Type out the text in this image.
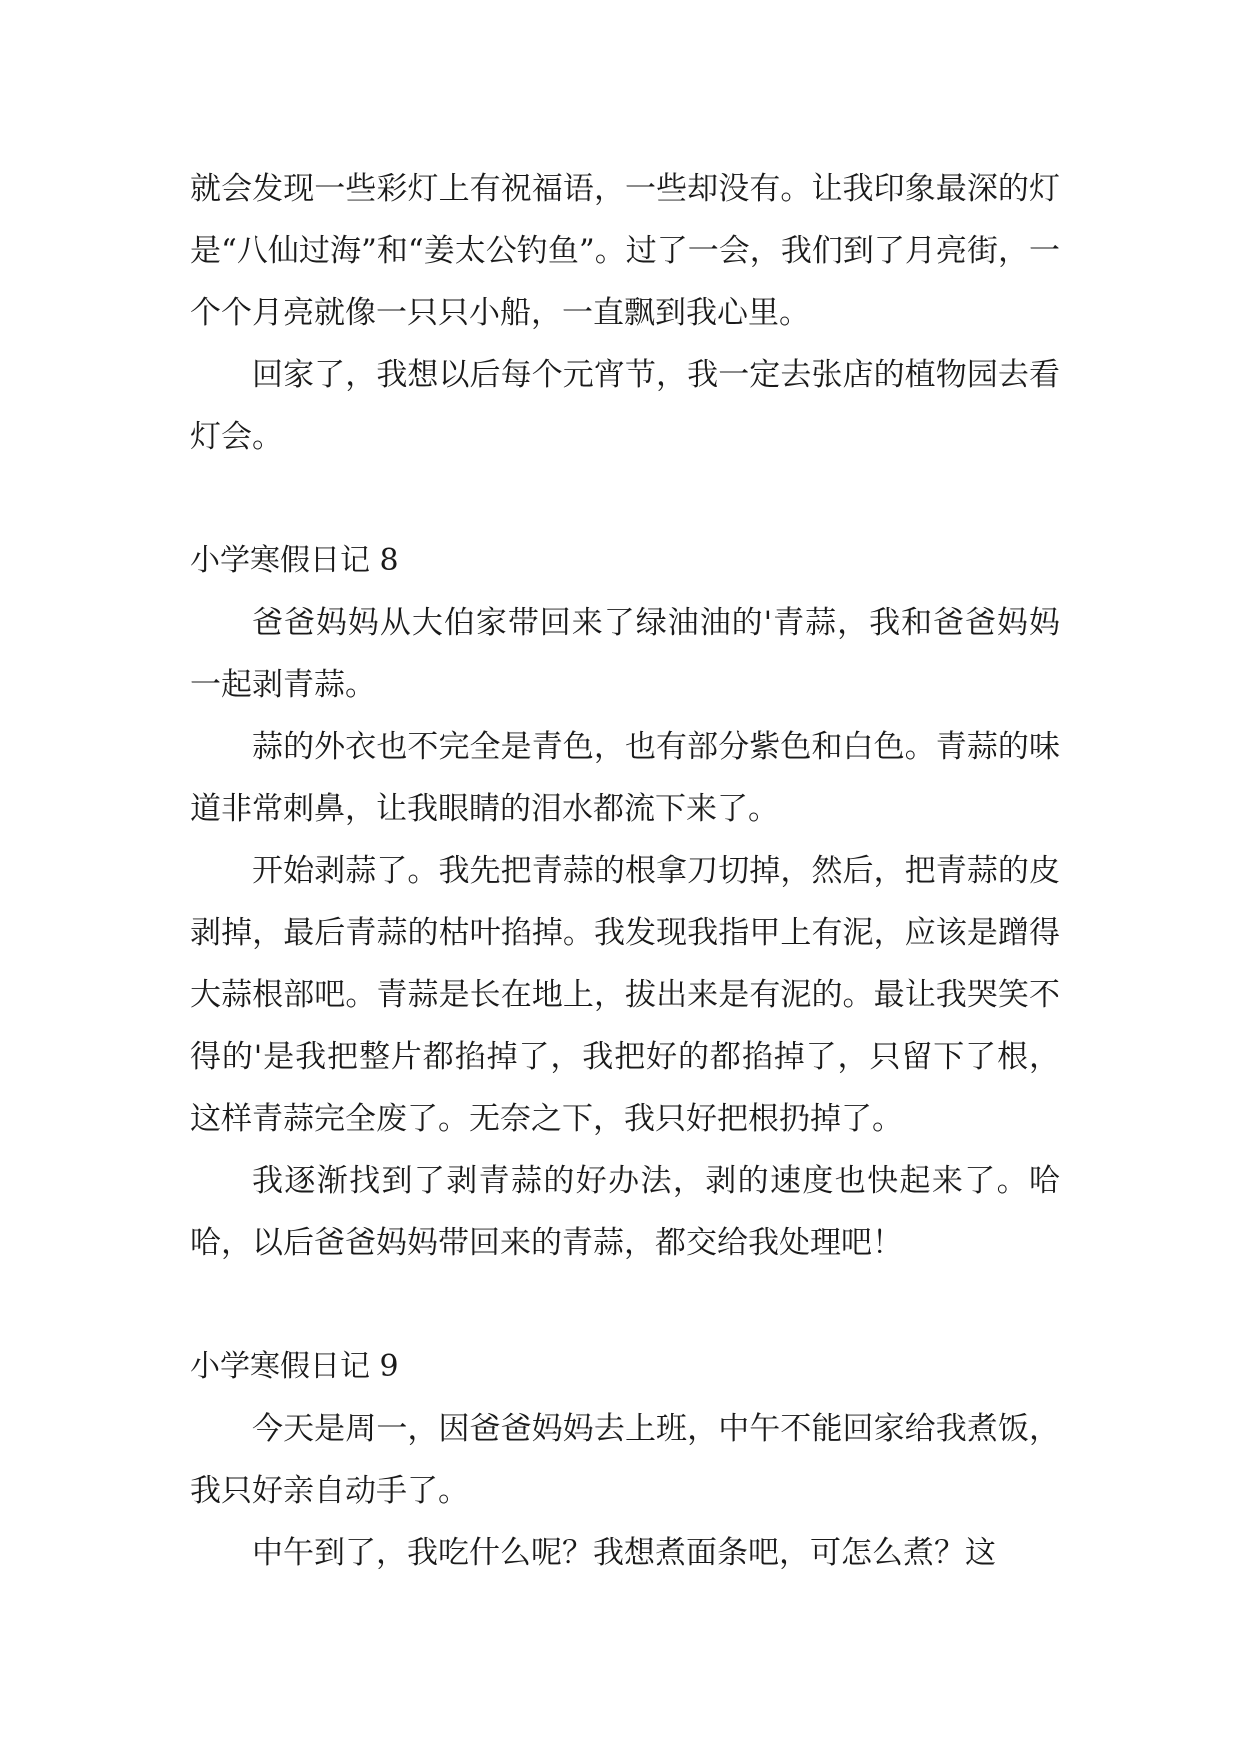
就会发现一些彩灯上有祝福语，一些却没有。让我印象最深的灯是“八仙过海”和“姜太公钓鱼”。过了一会，我们到了月亮街，一个个月亮就像一只只小船，一直飘到我心里。

回家了，我想以后每个元宵节，我一定去张店的植物园去看灯会。

小学寒假日记 8

爸爸妈妈从大伯家带回来了绿油油的'青蒜，我和爸爸妈妈一起剥青蒜。

蒜的外衣也不完全是青色，也有部分紫色和白色。青蒜的味道非常刺鼻，让我眼睛的泪水都流下来了。

开始剥蒜了。我先把青蒜的根拿刀切掉，然后，把青蒜的皮剥掉，最后青蒜的枯叶掐掉。我发现我指甲上有泥，应该是蹭得大蒜根部吧。青蒜是长在地上，拔出来是有泥的。最让我哭笑不得的'是我把整片都掐掉了，我把好的都掐掉了，只留下了根，这样青蒜完全废了。无奈之下，我只好把根扔掉了。

我逐渐找到了剥青蒜的好办法，剥的速度也快起来了。哈哈，以后爸爸妈妈带回来的青蒜，都交给我处理吧！

小学寒假日记 9

今天是周一，因爸爸妈妈去上班，中午不能回家给我煮饭，我只好亲自动手了。

中午到了，我吃什么呢？我想煮面条吧，可怎么煮？这
